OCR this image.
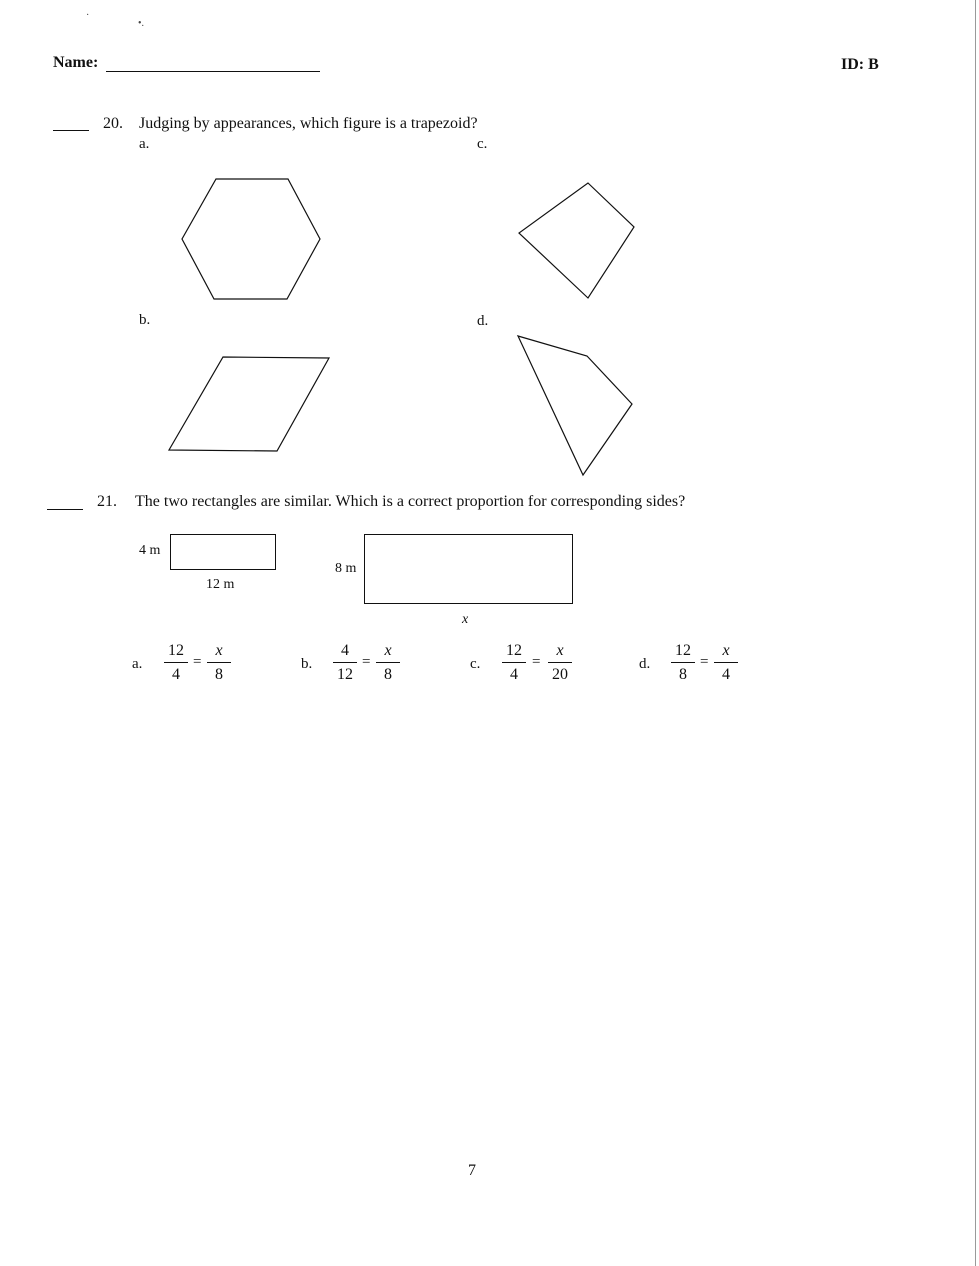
·
•.
Name:	ID: B
20. Judging by appearances, which figure is a trapezoid?
a.	c.
b.	d.
21. The two rectangles are similar. Which is a correct proportion for corresponding sides?
4 m
12 m
8 m
x
a.
12
4
=
x
8
b.
4
12
=
x
8
c.
12
4
=
x
20
d.
12
8
=
x
4
7
